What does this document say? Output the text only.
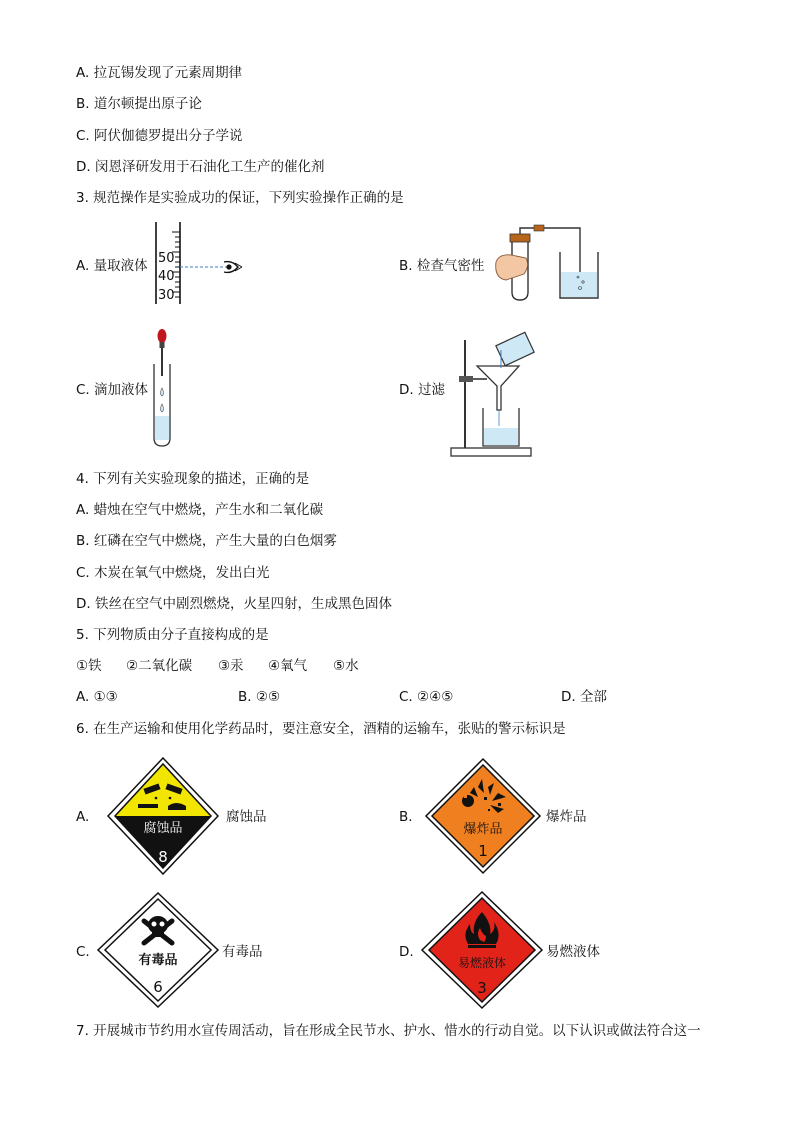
A. 拉瓦锡发现了元素周期律
B. 道尔顿提出原子论
C. 阿伏伽德罗提出分子学说
D. 闵恩泽研发用于石油化工生产的催化剂
3. 规范操作是实验成功的保证，下列实验操作正确的是
A. 量取液体 50
40
30
B. 检查气密性
C. 滴加液体	D. 过滤
4. 下列有关实验现象的描述，正确的是
A. 蜡烛在空气中燃烧，产生水和二氧化碳
B. 红磷在空气中燃烧，产生大量的白色烟雾
C. 木炭在氧气中燃烧，发出白光
D. 铁丝在空气中剧烈燃烧，火星四射，生成黑色固体
5. 下列物质由分子直接构成的是
①铁 ②二氧化碳 ③汞 ④氧气 ⑤水
A. ①③	B. ②⑤	C. ②④⑤	D. 全部
6. 在生产运输和使用化学药品时，要注意安全，酒精的运输车，张贴的警示标识是
A.
腐蚀品
8
腐蚀品	B.
爆炸品
1
爆炸品
C.
有毒品
6
有毒品	D.
易燃液体
3
易燃液体
7. 开展城市节约用水宣传周活动，旨在形成全民节水、护水、惜水的行动自觉。以下认识或做法符合这一
